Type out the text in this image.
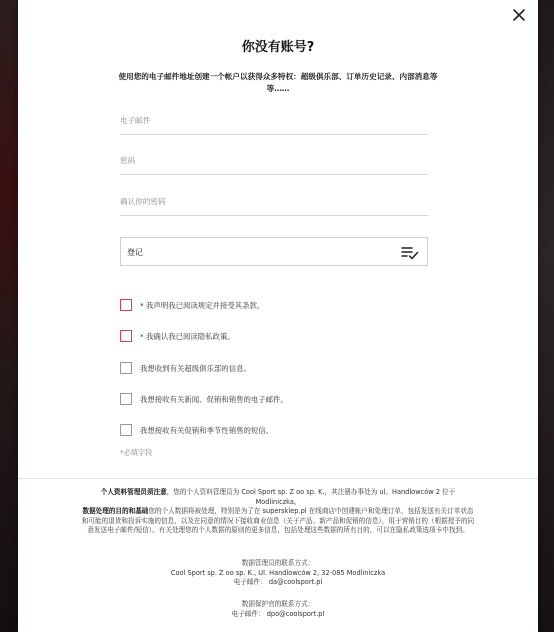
你没有账号?
使用您的电子邮件地址创建一个帐户以获得众多特权：超级俱乐部、订单历史记录、内部消息等等……
电子邮件
登记
* 我声明我已阅读规定并接受其条款。
* 我确认我已阅读隐私政策。
我想收到有关超级俱乐部的信息。
我想接收有关新闻、促销和销售的电子邮件。
我想接收有关促销和季节性销售的短信。
*必填字段
个人资料管理员须注意，您的个人资料管理员为 Cool Sport sp. Z oo sp. K.，其注册办事处为 ul。Handlowców 2 位于 Modliniczka。
数据处理的目的和基础您的个人数据将被处理，特别是为了在 supersklep.pl 在线商店中创建帐户和处理订单，包括发送有关订单状态和可能的退货和投诉实施的信息，以及在同意的情况下接收商业信息（关于产品、新产品和促销的信息），用于营销目的（根据授予的同意发送电子邮件/短信）。有关处理您的个人数据的原则的更多信息，包括处理这些数据的所有目的，可以在隐私政策选项卡中找到。
数据管理员的联系方式：
Cool Sport sp. Z oo sp. K., Ul. Handlowców 2, 32-085 Modliniczka
电子邮件： da@coolsport.pl
数据保护官的联系方式：
电子邮件： dpo@coolsport.pl
